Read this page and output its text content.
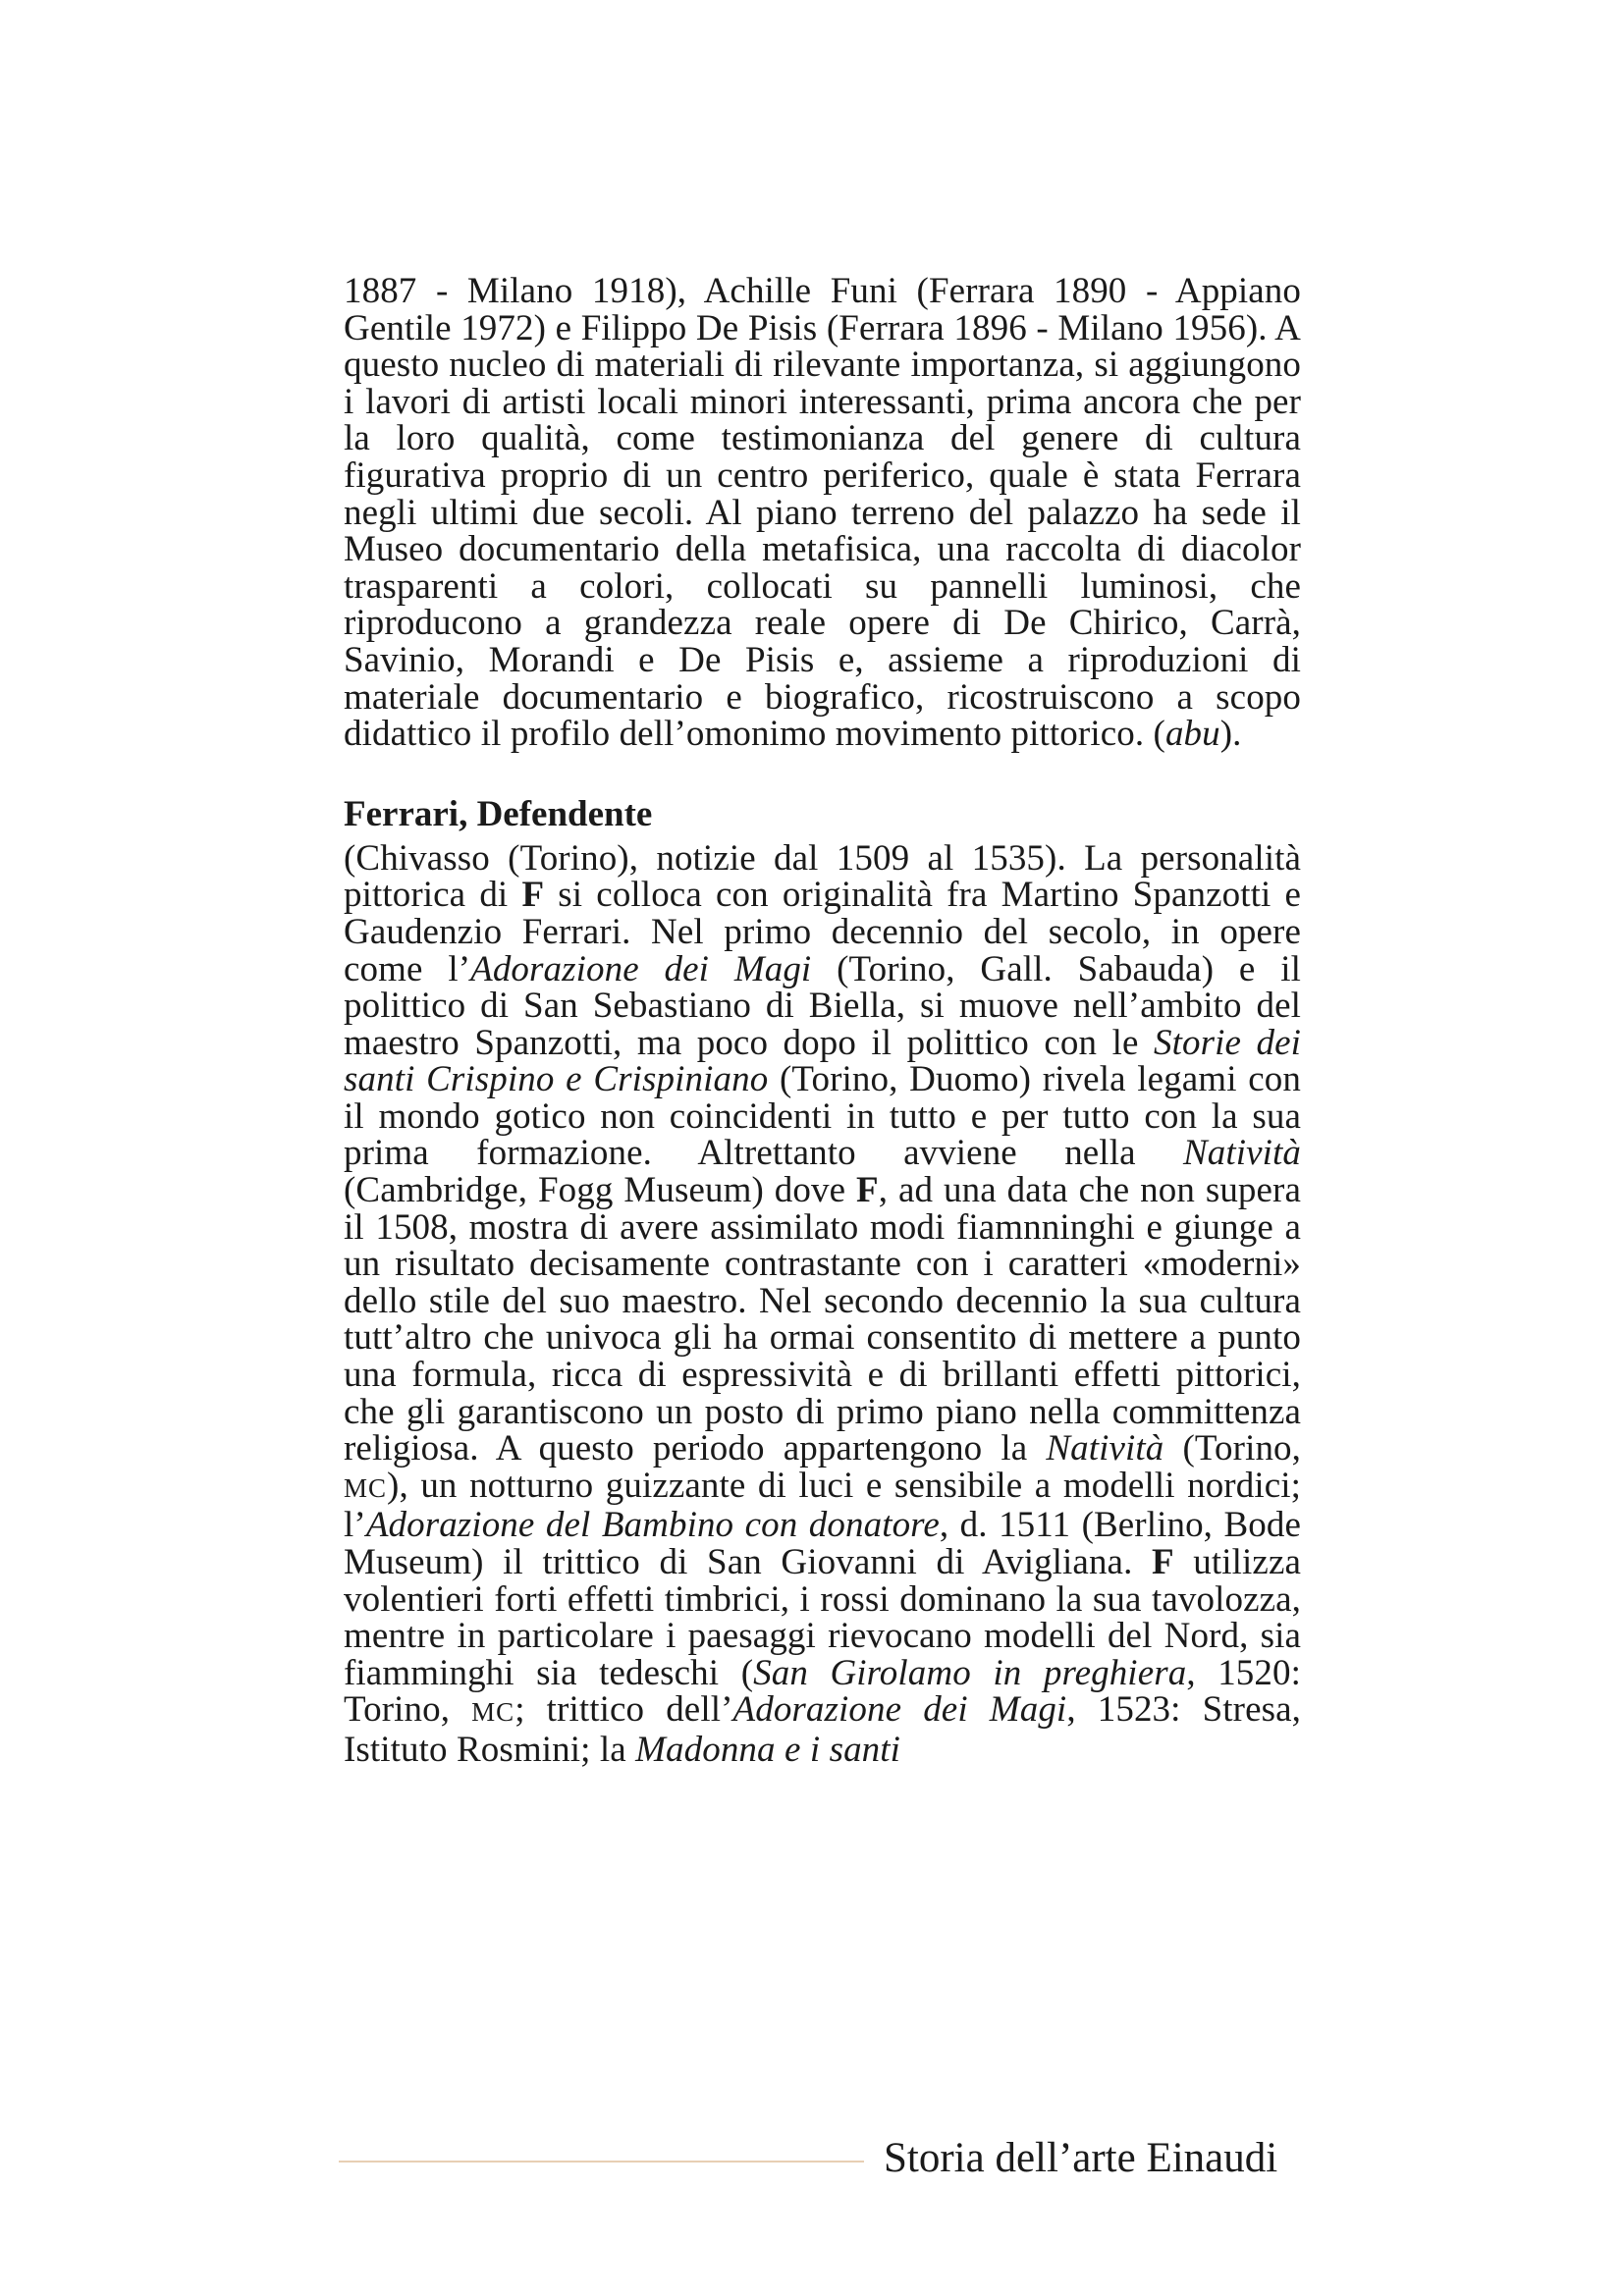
1887 - Milano 1918), Achille Funi (Ferrara 1890 - Appiano Gentile 1972) e Filippo De Pisis (Ferrara 1896 - Milano 1956). A questo nucleo di materiali di rilevante importanza, si aggiungono i lavori di artisti locali minori interessanti, prima ancora che per la loro qualità, come testimonianza del genere di cultura figurativa proprio di un centro periferico, quale è stata Ferrara negli ultimi due secoli. Al piano terreno del palazzo ha sede il Museo documentario della metafisica, una raccolta di diacolor trasparenti a colori, collocati su pannelli luminosi, che riproducono a grandezza reale opere di De Chirico, Carrà, Savinio, Morandi e De Pisis e, assieme a riproduzioni di materiale documentario e biografico, ricostruiscono a scopo didattico il profilo dell’omonimo movimento pittorico. (abu).

Ferrari, Defendente

(Chivasso (Torino), notizie dal 1509 al 1535). La personalità pittorica di F si colloca con originalità fra Martino Spanzotti e Gaudenzio Ferrari. Nel primo decennio del secolo, in opere come l’Adorazione dei Magi (Torino, Gall. Sabauda) e il polittico di San Sebastiano di Biella, si muove nell’ambito del maestro Spanzotti, ma poco dopo il polittico con le Storie dei santi Crispino e Crispiniano (Torino, Duomo) rivela legami con il mondo gotico non coincidenti in tutto e per tutto con la sua prima formazione. Altrettanto avviene nella Natività (Cambridge, Fogg Museum) dove F, ad una data che non supera il 1508, mostra di avere assimilato modi fiamnninghi e giunge a un risultato decisamente contrastante con i caratteri «moderni» dello stile del suo maestro. Nel secondo decennio la sua cultura tutt’altro che univoca gli ha ormai consentito di mettere a punto una formula, ricca di espressività e di brillanti effetti pittorici, che gli garantiscono un posto di primo piano nella committenza religiosa. A questo periodo appartengono la Natività (Torino, MC), un notturno guizzante di luci e sensibile a modelli nordici; l’Adorazione del Bambino con donatore, d. 1511 (Berlino, Bode Museum) il trittico di San Giovanni di Avigliana. F utilizza volentieri forti effetti timbrici, i rossi dominano la sua tavolozza, mentre in particolare i paesaggi rievocano modelli del Nord, sia fiamminghi sia tedeschi (San Girolamo in preghiera, 1520: Torino, MC; trittico dell’Adorazione dei Magi, 1523: Stresa, Istituto Rosmini; la Madonna e i santi

Storia dell’arte Einaudi
